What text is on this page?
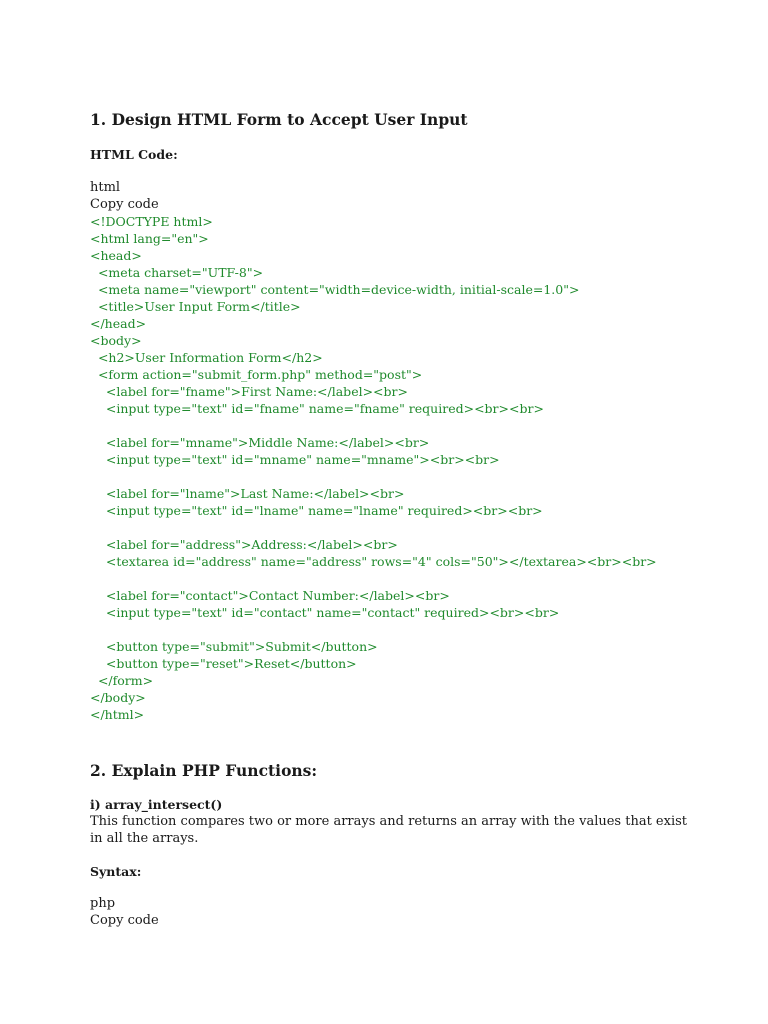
1. Design HTML Form to Accept User Input

HTML Code:

html

Copy code

<!DOCTYPE html>
<html lang="en">
<head>
<meta charset="UTF-8">
<meta name="viewport" content="width=device-width, initial-scale=1.0">
<title>User Input Form</title>
</head>
<body>
<h2>User Information Form</h2>
<form action="submit_form.php" method="post">
<label for="fname">First Name:</label><br>
<input type="text" id="fname" name="fname" required><br><br>
<label for="mname">Middle Name:</label><br>
<input type="text" id="mname" name="mname"><br><br>
<label for="lname">Last Name:</label><br>
<input type="text" id="lname" name="lname" required><br><br>
<label for="address">Address:</label><br>
<textarea id="address" name="address" rows="4" cols="50"></textarea><br><br>
<label for="contact">Contact Number:</label><br>
<input type="text" id="contact" name="contact" required><br><br>
<button type="submit">Submit</button>
<button type="reset">Reset</button>
</form>
</body>
</html>
2. Explain PHP Functions:

i) array_intersect()

This function compares two or more arrays and returns an array with the values that exist in all the arrays.

Syntax:

php

Copy code
